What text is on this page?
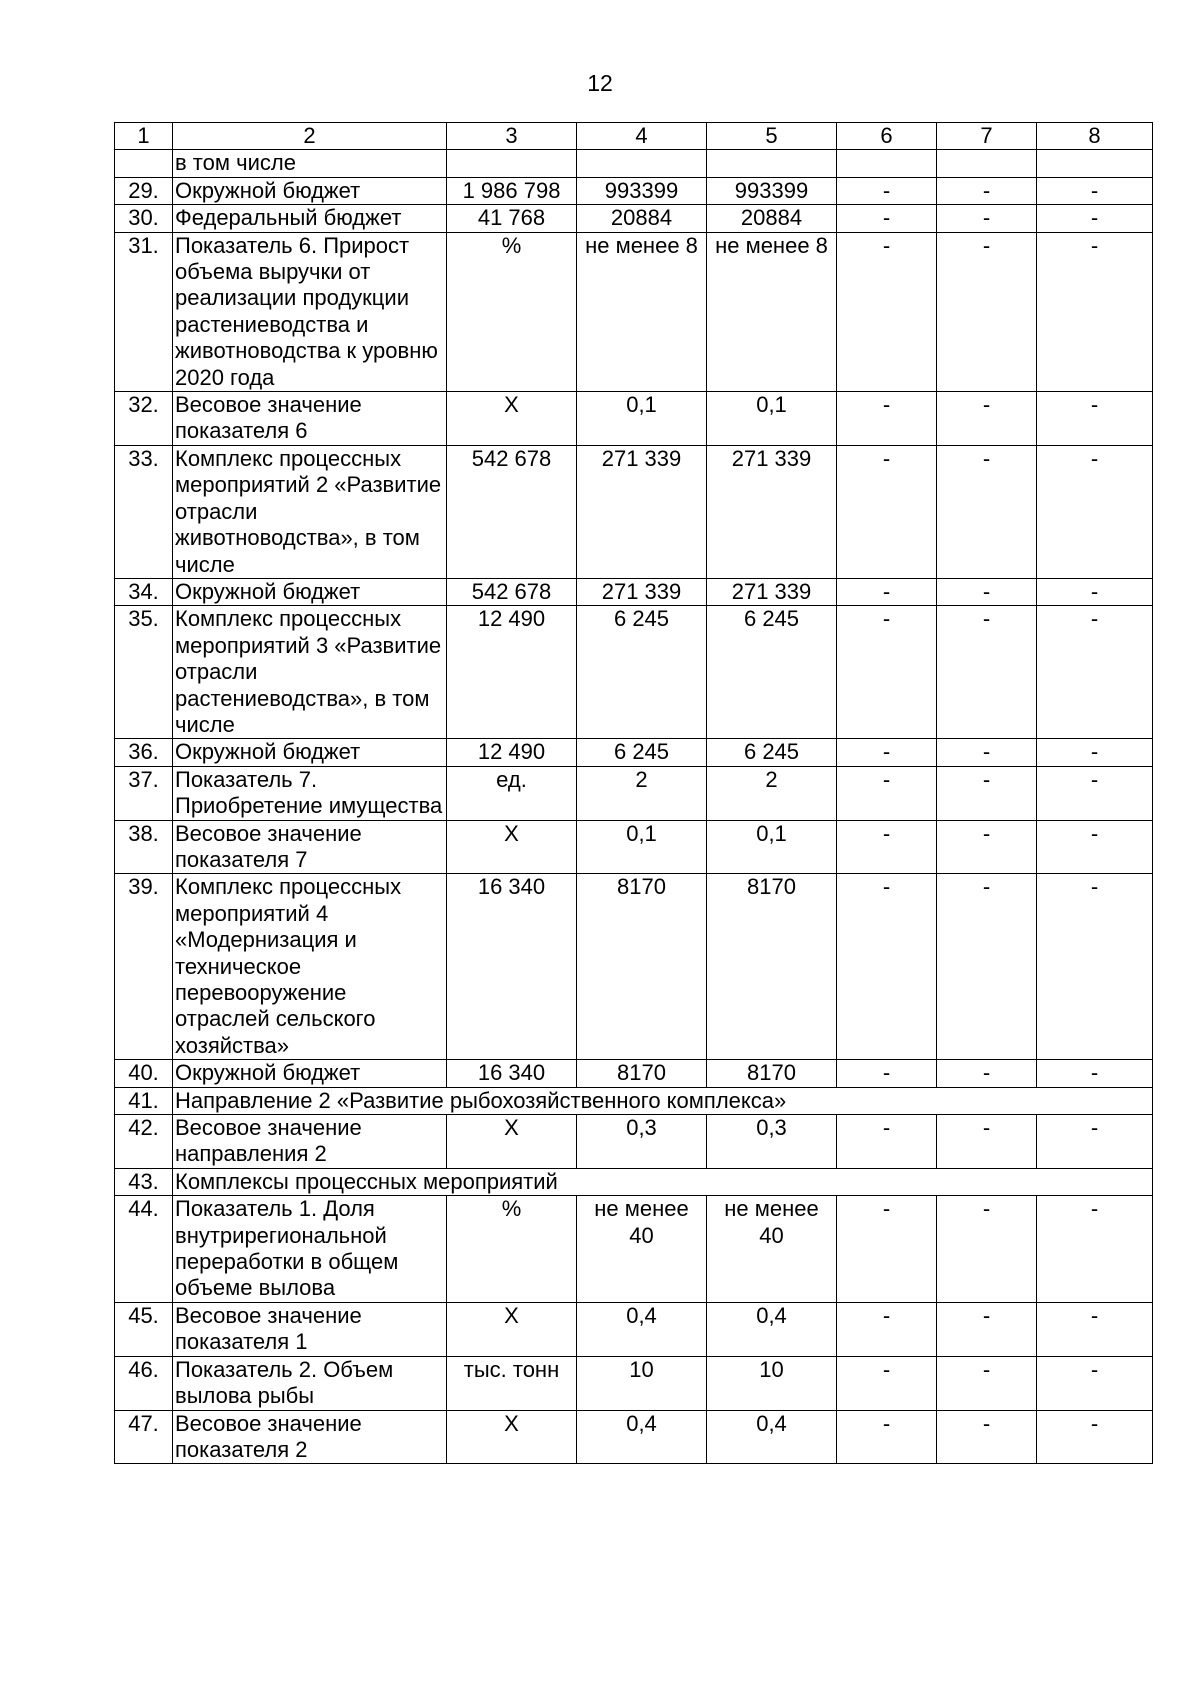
12
1	2	3	4	5	6	7	8
	в том числе						
29.	Окружной бюджет	1 986 798	993399	993399	-	-	-
30.	Федеральный бюджет	41 768	20884	20884	-	-	-
31.	Показатель 6. Прирост объема выручки от реализации продукции растениеводства и животноводства к уровню 2020 года	%	не менее 8	не менее 8	-	-	-
32.	Весовое значение показателя 6	Х	0,1	0,1	-	-	-
33.	Комплекс процессных мероприятий 2 «Развитие отрасли животноводства», в том числе	542 678	271 339	271 339	-	-	-
34.	Окружной бюджет	542 678	271 339	271 339	-	-	-
35.	Комплекс процессных мероприятий 3 «Развитие отрасли растениеводства», в том числе	12 490	6 245	6 245	-	-	-
36.	Окружной бюджет	12 490	6 245	6 245	-	-	-
37.	Показатель 7. Приобретение имущества	ед.	2	2	-	-	-
38.	Весовое значение показателя 7	Х	0,1	0,1	-	-	-
39.	Комплекс процессных мероприятий 4 «Модернизация и техническое перевооружение отраслей сельского хозяйства»	16 340	8170	8170	-	-	-
40.	Окружной бюджет	16 340	8170	8170	-	-	-
41.	Направление 2 «Развитие рыбохозяйственного комплекса»						
42.	Весовое значение направления 2	Х	0,3	0,3	-	-	-
43.	Комплексы процессных мероприятий						
44.	Показатель 1. Доля внутрирегиональной переработки в общем объеме вылова	%	не менее 40	не менее 40	-	-	-
45.	Весовое значение показателя 1	Х	0,4	0,4	-	-	-
46.	Показатель 2. Объем вылова рыбы	тыс. тонн	10	10	-	-	-
47.	Весовое значение показателя 2	Х	0,4	0,4	-	-	-
